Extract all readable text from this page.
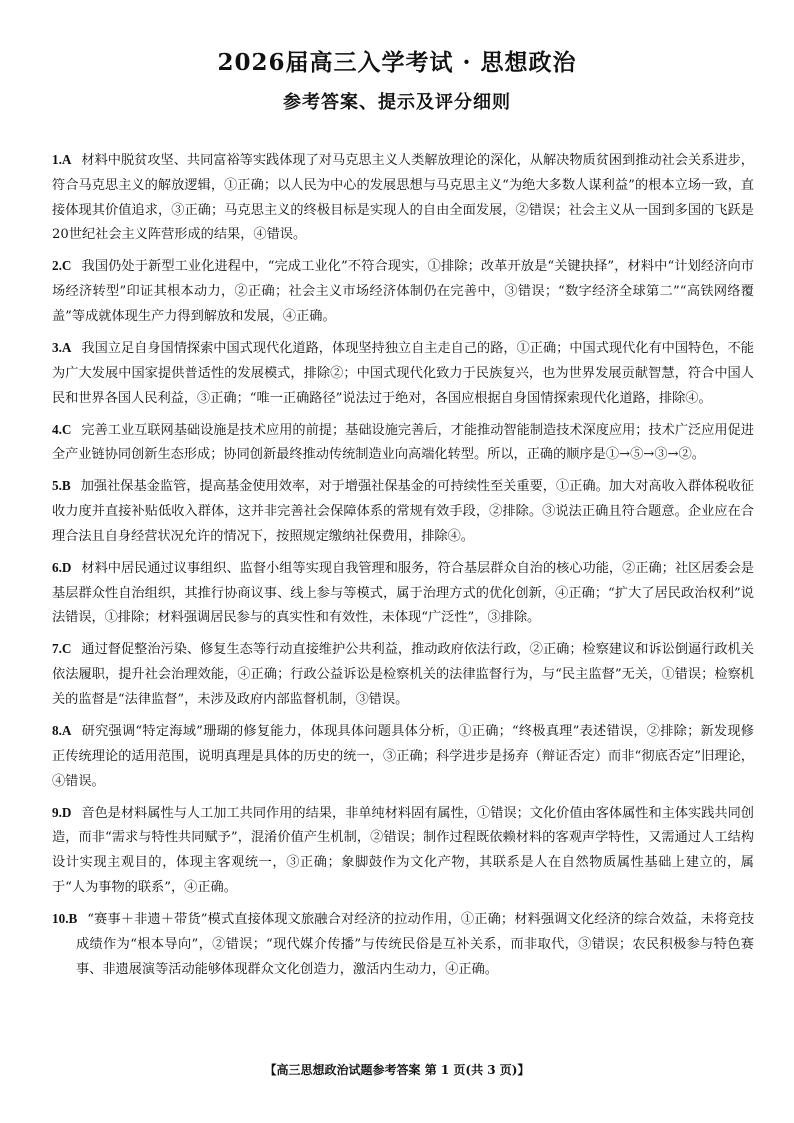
2026届高三入学考试 · 思想政治
参考答案、提示及评分细则

1.A 材料中脱贫攻坚、共同富裕等实践体现了对马克思主义人类解放理论的深化，从解决物质贫困到推动社会关系进步，符合马克思主义的解放逻辑，①正确；以人民为中心的发展思想与马克思主义“为绝大多数人谋利益”的根本立场一致，直接体现其价值追求，③正确；马克思主义的终极目标是实现人的自由全面发展，②错误；社会主义从一国到多国的飞跃是20世纪社会主义阵营形成的结果，④错误。

2.C 我国仍处于新型工业化进程中，“完成工业化”不符合现实，①排除；改革开放是“关键抉择”，材料中“计划经济向市场经济转型”印证其根本动力，②正确；社会主义市场经济体制仍在完善中，③错误；“数字经济全球第二”“高铁网络覆盖”等成就体现生产力得到解放和发展，④正确。

3.A 我国立足自身国情探索中国式现代化道路，体现坚持独立自主走自己的路，①正确；中国式现代化有中国特色，不能为广大发展中国家提供普适性的发展模式，排除②；中国式现代化致力于民族复兴，也为世界发展贡献智慧，符合中国人民和世界各国人民利益，③正确；“唯一正确路径”说法过于绝对，各国应根据自身国情探索现代化道路，排除④。

4.C 完善工业互联网基础设施是技术应用的前提；基础设施完善后，才能推动智能制造技术深度应用；技术广泛应用促进全产业链协同创新生态形成；协同创新最终推动传统制造业向高端化转型。所以，正确的顺序是①→⑤→③→②。

5.B 加强社保基金监管，提高基金使用效率，对于增强社保基金的可持续性至关重要，①正确。加大对高收入群体税收征收力度并直接补贴低收入群体，这并非完善社会保障体系的常规有效手段，②排除。③说法正确且符合题意。企业应在合理合法且自身经营状况允许的情况下，按照规定缴纳社保费用，排除④。

6.D 材料中居民通过议事组织、监督小组等实现自我管理和服务，符合基层群众自治的核心功能，②正确；社区居委会是基层群众性自治组织，其推行协商议事、线上参与等模式，属于治理方式的优化创新，④正确；“扩大了居民政治权利”说法错误，①排除；材料强调居民参与的真实性和有效性，未体现“广泛性”，③排除。

7.C 通过督促整治污染、修复生态等行动直接维护公共利益，推动政府依法行政，②正确；检察建议和诉讼倒逼行政机关依法履职，提升社会治理效能，④正确；行政公益诉讼是检察机关的法律监督行为，与“民主监督”无关，①错误；检察机关的监督是“法律监督”，未涉及政府内部监督机制，③错误。

8.A 研究强调“特定海域”珊瑚的修复能力，体现具体问题具体分析，①正确；“终极真理”表述错误，②排除；新发现修正传统理论的适用范围，说明真理是具体的历史的统一，③正确；科学进步是扬弃（辩证否定）而非“彻底否定”旧理论，④错误。

9.D 音色是材料属性与人工加工共同作用的结果，非单纯材料固有属性，①错误；文化价值由客体属性和主体实践共同创造，而非“需求与特性共同赋予”，混淆价值产生机制，②错误；制作过程既依赖材料的客观声学特性，又需通过人工结构设计实现主观目的，体现主客观统一，③正确；象脚鼓作为文化产物，其联系是人在自然物质属性基础上建立的，属于“人为事物的联系”，④正确。

10.B “赛事＋非遗＋带货”模式直接体现文旅融合对经济的拉动作用，①正确；材料强调文化经济的综合效益，未将竞技成绩作为“根本导向”，②错误；“现代媒介传播”与传统民俗是互补关系，而非取代，③错误；农民积极参与特色赛事、非遗展演等活动能够体现群众文化创造力，激活内生动力，④正确。

【高三思想政治试题参考答案 第 1 页(共 3 页)】
